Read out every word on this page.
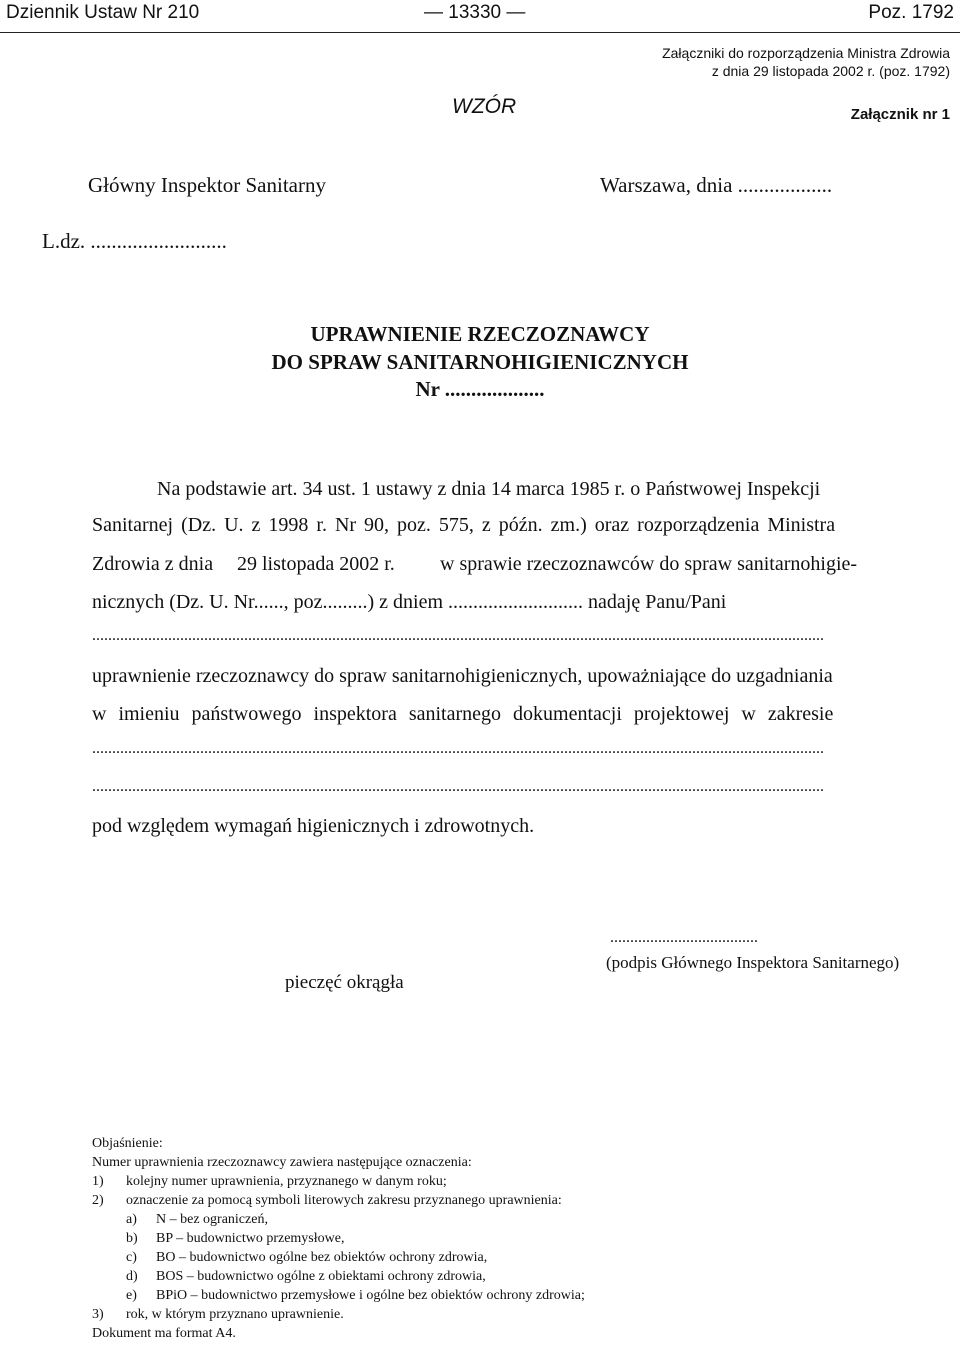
Dziennik Ustaw Nr 210	— 13330 —	Poz. 1792
Załączniki do rozporządzenia Ministra Zdrowia
z dnia 29 listopada 2002 r. (poz. 1792)
WZÓR	Załącznik nr 1
Główny Inspektor Sanitarny	Warszawa, dnia ..................
L.dz. ..........................
UPRAWNIENIE RZECZOZNAWCY
DO SPRAW SANITARNOHIGIENICZNYCH
Nr ...................
Na podstawie art. 34 ust. 1 ustawy z dnia 14 marca 1985 r. o Państwowej Inspekcji
Sanitarnej (Dz. U. z 1998 r. Nr 90, poz. 575, z późn. zm.) oraz rozporządzenia Ministra
Zdrowia z dnia 29 listopada 2002 r. w sprawie rzeczoznawców do spraw sanitarnohigie-
nicznych (Dz. U. Nr......, poz.........) z dniem ........................... nadaję Panu/Pani
.......................................................................................................................................................................................
uprawnienie rzeczoznawcy do spraw sanitarnohigienicznych, upoważniające do uzgadniania
w imieniu państwowego inspektora sanitarnego dokumentacji projektowej w zakresie
.......................................................................................................................................................................................
.......................................................................................................................................................................................
pod względem wymagań higienicznych i zdrowotnych.
.....................................
(podpis Głównego Inspektora Sanitarnego)
pieczęć okrągła
Objaśnienie:
Numer uprawnienia rzeczoznawcy zawiera następujące oznaczenia:
1) kolejny numer uprawnienia, przyznanego w danym roku;
2) oznaczenie za pomocą symboli literowych zakresu przyznanego uprawnienia:
a) N – bez ograniczeń,
b) BP – budownictwo przemysłowe,
c) BO – budownictwo ogólne bez obiektów ochrony zdrowia,
d) BOS – budownictwo ogólne z obiektami ochrony zdrowia,
e) BPiO – budownictwo przemysłowe i ogólne bez obiektów ochrony zdrowia;
3) rok, w którym przyznano uprawnienie.
Dokument ma format A4.
